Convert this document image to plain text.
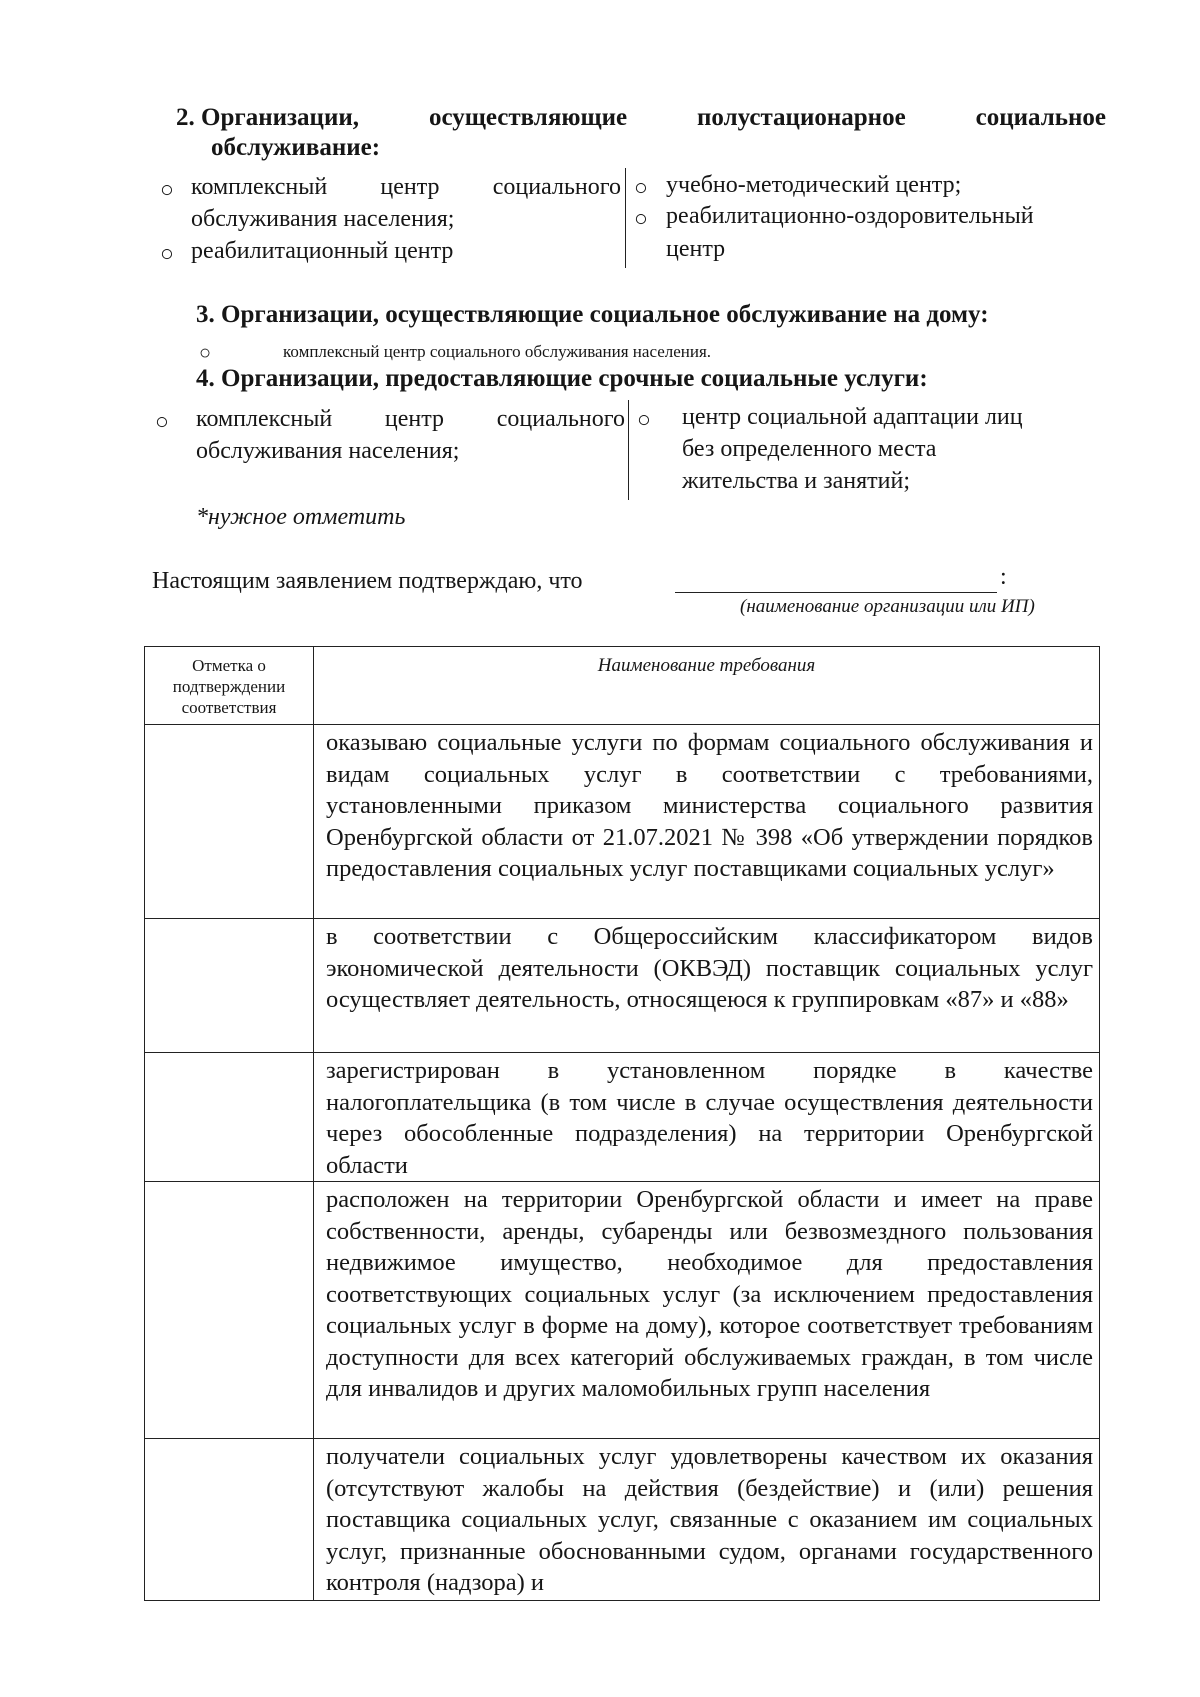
2. Организации,	осуществляющие	полустационарное	социальное
обслуживание:
○ комплексный центр социального
обслуживания населения;
○ реабилитационный центр
○ учебно-методический центр;
○ реабилитационно-оздоровительный
центр
3. Организации, осуществляющие социальное обслуживание на дому:
○	комплексный центр социального обслуживания населения.
4. Организации, предоставляющие срочные социальные услуги:
○ комплексный центр социального
обслуживания населения;
○ центр социальной адаптации лиц
без определенного места
жительства и занятий;
*нужное отметить
Настоящим заявлением подтверждаю, что	:
(наименование организации или ИП)
Отметка о
подтверждении
соответствия	Наименование требования

	оказываю социальные услуги по формам социального обслуживания и видам социальных услуг в соответствии с требованиями, установленными приказом министерства социального развития Оренбургской области от 21.07.2021 № 398 «Об утверждении порядков предоставления социальных услуг поставщиками социальных услуг»

	в соответствии с Общероссийским классификатором видов экономической деятельности (ОКВЭД) поставщик социальных услуг осуществляет деятельность, относящеюся к группировкам «87» и «88»

	зарегистрирован в установленном порядке в качестве налогоплательщика (в том числе в случае осуществления деятельности через обособленные подразделения) на территории Оренбургской области

	расположен на территории Оренбургской области и имеет на праве собственности, аренды, субаренды или безвозмездного пользования недвижимое имущество, необходимое для предоставления соответствующих социальных услуг (за исключением предоставления социальных услуг в форме на дому), которое соответствует требованиям доступности для всех категорий обслуживаемых граждан, в том числе для инвалидов и других маломобильных групп населения

	получатели социальных услуг удовлетворены качеством их оказания (отсутствуют жалобы на действия (бездействие) и (или) решения поставщика социальных услуг, связанные с оказанием им социальных услуг, признанные обоснованными судом, органами государственного контроля (надзора) и
